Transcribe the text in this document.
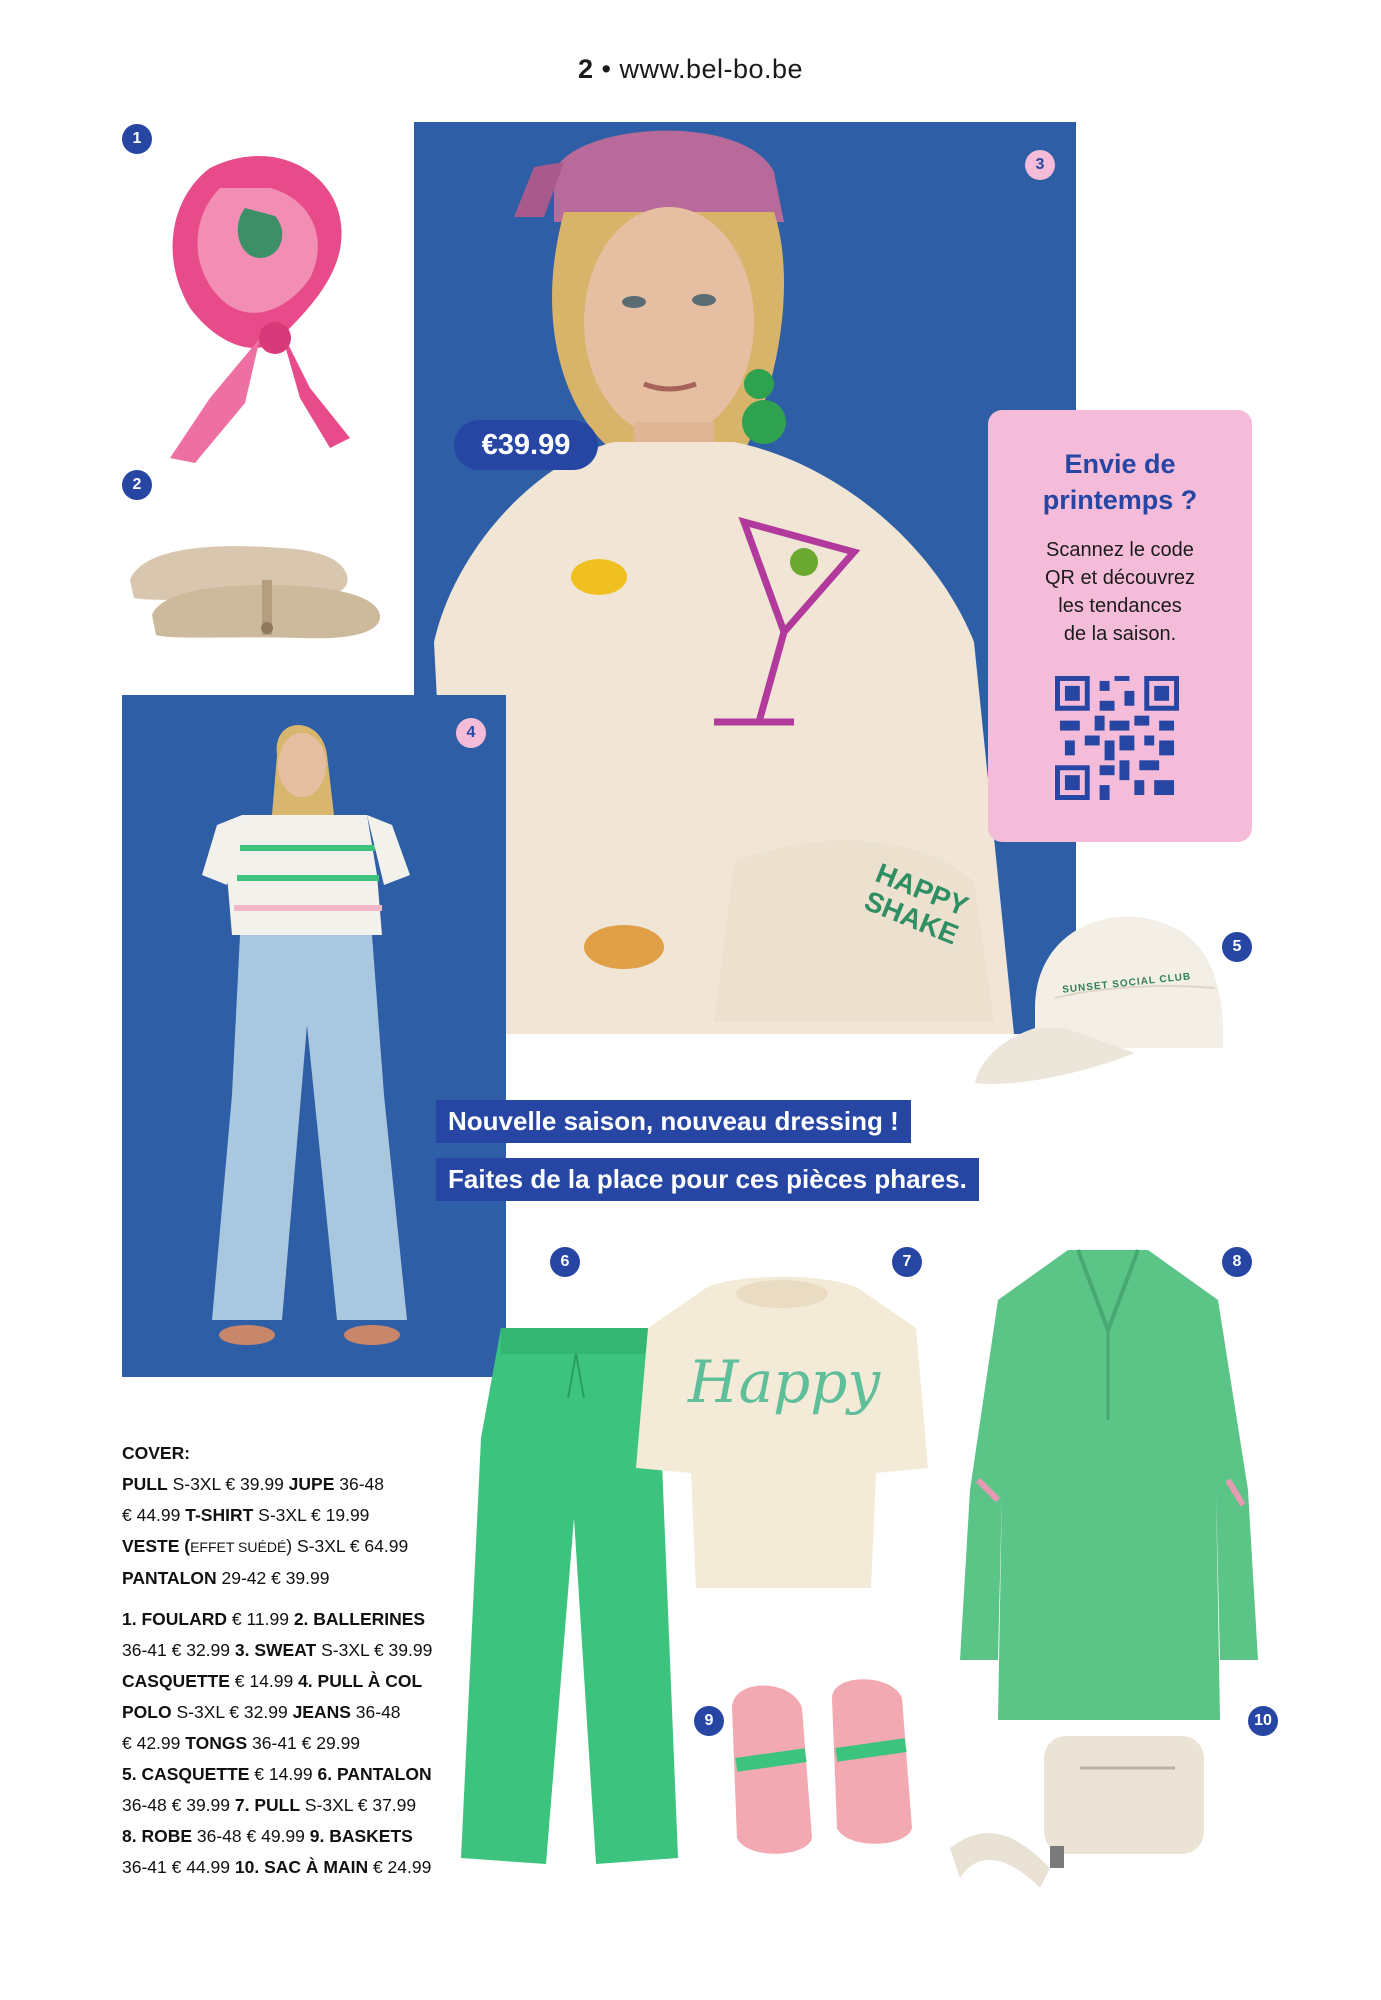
2 • www.bel-bo.be
1
2
HAPPY SHAKE
3
€39.99
Envie de
printemps ?
Scannez le code
QR et découvrez
les tendances
de la saison.
4
SUNSET SOCIAL CLUB
5
Nouvelle saison, nouveau dressing !
Faites de la place pour ces pièces phares.
6	7
Happy
8
9	10
COVER:
PULL S-3XL € 39.99 JUPE 36-48
€ 44.99 T-SHIRT S-3XL € 19.99
VESTE (EFFET SUÉDÉ) S-3XL € 64.99
PANTALON 29-42 € 39.99
1. FOULARD € 11.99 2. BALLERINES
36-41 € 32.99 3. SWEAT S-3XL € 39.99
CASQUETTE € 14.99 4. PULL À COL
POLO S-3XL € 32.99 JEANS 36-48
€ 42.99 TONGS 36-41 € 29.99
5. CASQUETTE € 14.99 6. PANTALON
36-48 € 39.99 7. PULL S-3XL € 37.99
8. ROBE 36-48 € 49.99 9. BASKETS
36-41 € 44.99 10. SAC À MAIN € 24.99
